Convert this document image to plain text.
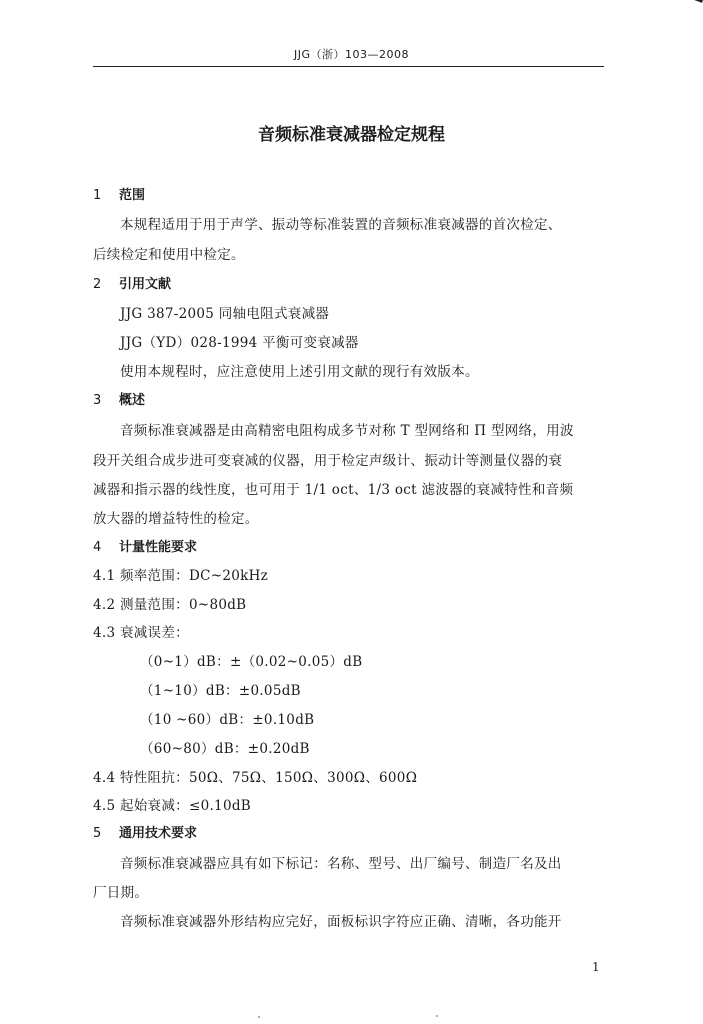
JJG（浙）103—2008
音频标准衰减器检定规程
1 范围
本规程适用于用于声学、振动等标准装置的音频标准衰减器的首次检定、
后续检定和使用中检定。
2 引用文献
JJG 387-2005 同轴电阻式衰减器
JJG（YD）028-1994 平衡可变衰减器
使用本规程时，应注意使用上述引用文献的现行有效版本。
3 概述
音频标准衰减器是由高精密电阻构成多节对称 T 型网络和 Π 型网络，用波
段开关组合成步进可变衰减的仪器，用于检定声级计、振动计等测量仪器的衰
减器和指示器的线性度，也可用于 1/1 oct、1/3 oct 滤波器的衰减特性和音频
放大器的增益特性的检定。
4 计量性能要求
4.1 频率范围：DC~20kHz
4.2 测量范围：0~80dB
4.3 衰减误差：
（0~1）dB：±（0.02~0.05）dB
（1~10）dB：±0.05dB
（10 ~60）dB：±0.10dB
（60~80）dB：±0.20dB
4.4 特性阻抗：50Ω、75Ω、150Ω、300Ω、600Ω
4.5 起始衰减：≤0.10dB
5 通用技术要求
音频标准衰减器应具有如下标记：名称、型号、出厂编号、制造厂名及出
厂日期。
音频标准衰减器外形结构应完好，面板标识字符应正确、清晰，各功能开
1
